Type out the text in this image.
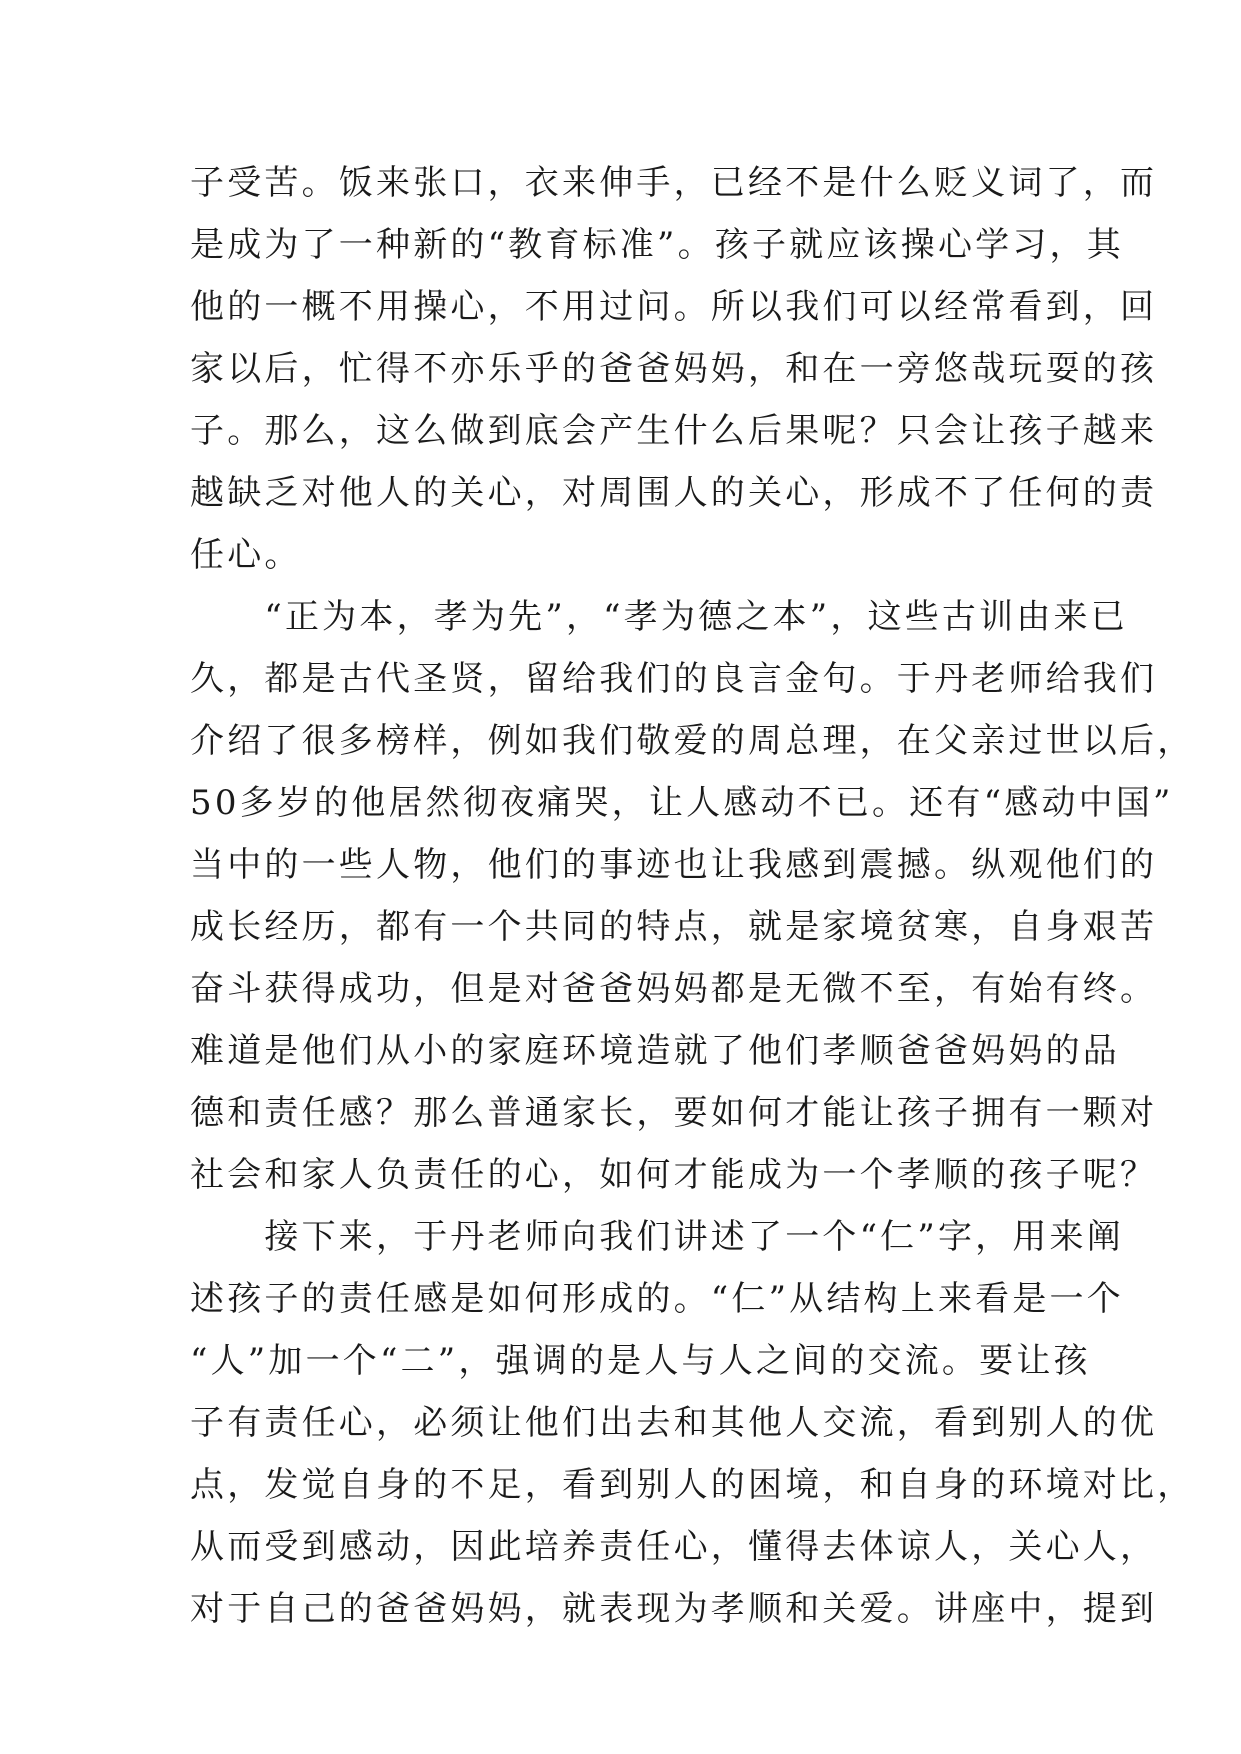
子受苦。饭来张口，衣来伸手，已经不是什么贬义词了，而
是成为了一种新的“教育标准”。孩子就应该操心学习，其
他的一概不用操心，不用过问。所以我们可以经常看到，回
家以后，忙得不亦乐乎的爸爸妈妈，和在一旁悠哉玩耍的孩
子。那么，这么做到底会产生什么后果呢？只会让孩子越来
越缺乏对他人的关心，对周围人的关心，形成不了任何的责
任心。
　　“正为本，孝为先”，“孝为德之本”，这些古训由来已
久，都是古代圣贤，留给我们的良言金句。于丹老师给我们
介绍了很多榜样，例如我们敬爱的周总理，在父亲过世以后，
50多岁的他居然彻夜痛哭，让人感动不已。还有“感动中国”
当中的一些人物，他们的事迹也让我感到震撼。纵观他们的
成长经历，都有一个共同的特点，就是家境贫寒，自身艰苦
奋斗获得成功，但是对爸爸妈妈都是无微不至，有始有终。
难道是他们从小的家庭环境造就了他们孝顺爸爸妈妈的品
德和责任感？那么普通家长，要如何才能让孩子拥有一颗对
社会和家人负责任的心，如何才能成为一个孝顺的孩子呢？
　　接下来，于丹老师向我们讲述了一个“仁”字，用来阐
述孩子的责任感是如何形成的。“仁”从结构上来看是一个
“人”加一个“二”，强调的是人与人之间的交流。要让孩
子有责任心，必须让他们出去和其他人交流，看到别人的优
点，发觉自身的不足，看到别人的困境，和自身的环境对比，
从而受到感动，因此培养责任心，懂得去体谅人，关心人，
对于自己的爸爸妈妈，就表现为孝顺和关爱。讲座中，提到
